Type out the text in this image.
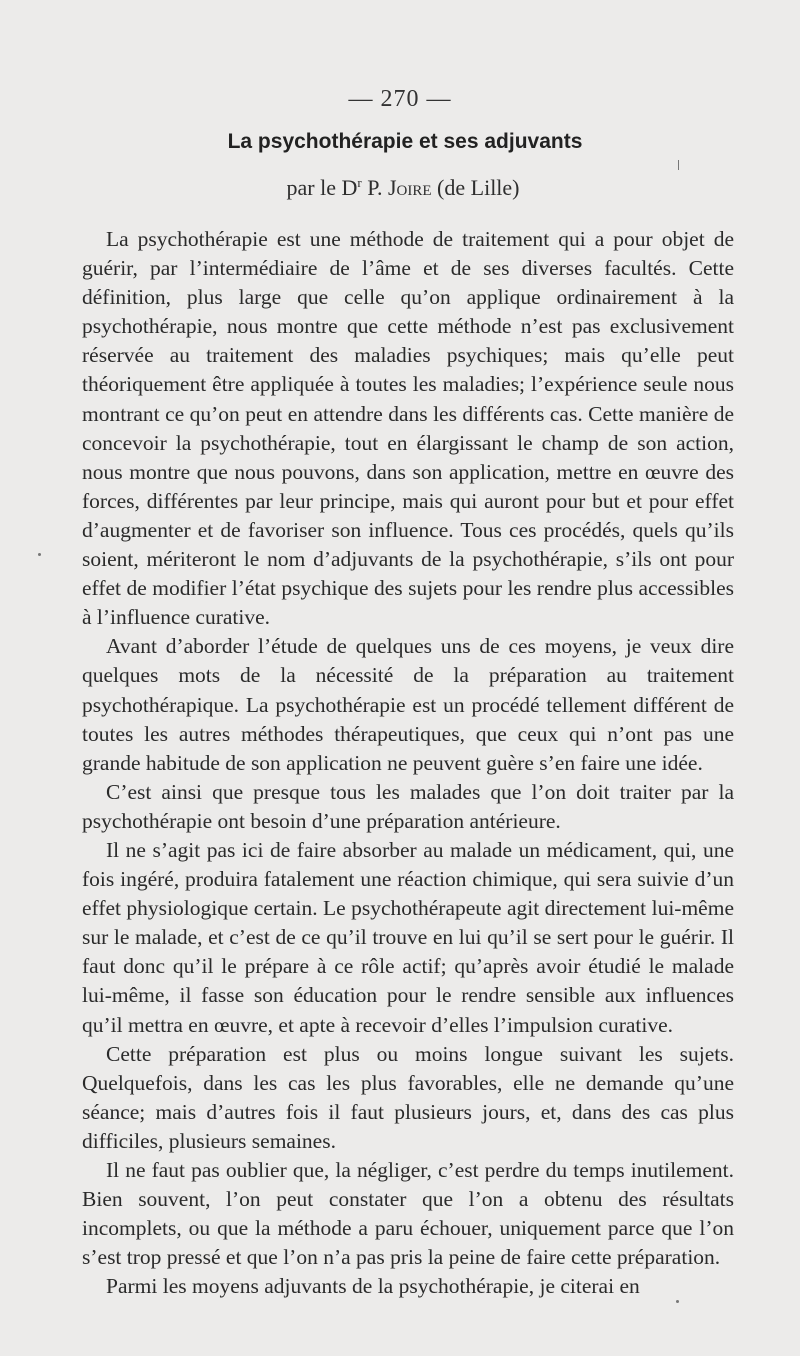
— 270 —
La psychothérapie et ses adjuvants
par le $D^r$ P. Joire (de Lille)

La psychothérapie est une méthode de traitement qui a pour objet de guérir, par l’intermédiaire de l’âme et de ses diverses facultés. Cette définition, plus large que celle qu’on applique ordinairement à la psychothérapie, nous montre que cette méthode n’est pas exclusivement réservée au traitement des maladies psychiques; mais qu’elle peut théoriquement être appliquée à toutes les maladies; l’expérience seule nous montrant ce qu’on peut en attendre dans les différents cas. Cette manière de concevoir la psychothérapie, tout en élargissant le champ de son action, nous montre que nous pouvons, dans son application, mettre en œuvre des forces, différentes par leur principe, mais qui auront pour but et pour effet d’augmenter et de favoriser son influence. Tous ces procédés, quels qu’ils soient, mériteront le nom d’adjuvants de la psychothérapie, s’ils ont pour effet de modifier l’état psychique des sujets pour les rendre plus accessibles à l’influence curative.

Avant d’aborder l’étude de quelques uns de ces moyens, je veux dire quelques mots de la nécessité de la préparation au traitement psychothérapique. La psychothérapie est un procédé tellement différent de toutes les autres méthodes thérapeutiques, que ceux qui n’ont pas une grande habitude de son application ne peuvent guère s’en faire une idée.

C’est ainsi que presque tous les malades que l’on doit traiter par la psychothérapie ont besoin d’une préparation antérieure.

Il ne s’agit pas ici de faire absorber au malade un médicament, qui, une fois ingéré, produira fatalement une réaction chimique, qui sera suivie d’un effet physiologique certain. Le psychothérapeute agit directement lui-même sur le malade, et c’est de ce qu’il trouve en lui qu’il se sert pour le guérir. Il faut donc qu’il le prépare à ce rôle actif; qu’après avoir étudié le malade lui-même, il fasse son éducation pour le rendre sensible aux influences qu’il mettra en œuvre, et apte à recevoir d’elles l’impulsion curative.

Cette préparation est plus ou moins longue suivant les sujets. Quelquefois, dans les cas les plus favorables, elle ne demande qu’une séance; mais d’autres fois il faut plusieurs jours, et, dans des cas plus difficiles, plusieurs semaines.

Il ne faut pas oublier que, la négliger, c’est perdre du temps inutilement. Bien souvent, l’on peut constater que l’on a obtenu des résultats incomplets, ou que la méthode a paru échouer, uniquement parce que l’on s’est trop pressé et que l’on n’a pas pris la peine de faire cette préparation.

Parmi les moyens adjuvants de la psychothérapie, je citerai en
